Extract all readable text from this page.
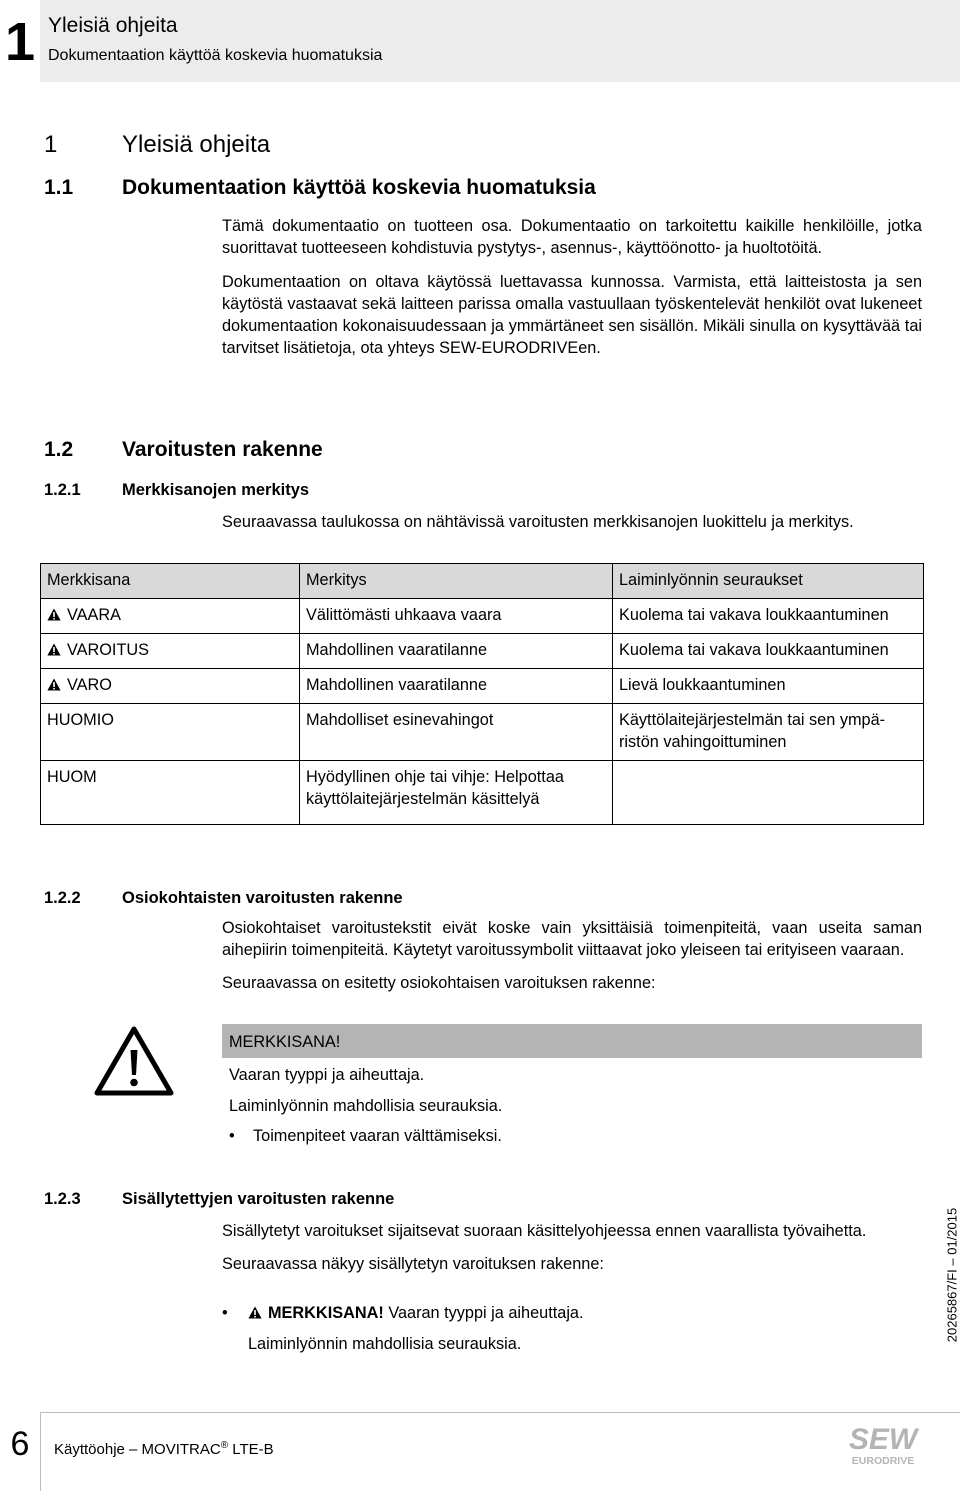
1 Yleisiä ohjeita
Dokumentaation käyttöä koskevia huomatuksia
1	Yleisiä ohjeita
1.1 Dokumentaation käyttöä koskevia huomatuksia

Tämä dokumentaatio on tuotteen osa. Dokumentaatio on tarkoitettu kaikille henkilöille, jotka suorittavat tuotteeseen kohdistuvia pystytys-, asennus-, käyttöönotto- ja huoltotöitä.

Dokumentaation on oltava käytössä luettavassa kunnossa. Varmista, että laitteistosta ja sen käytöstä vastaavat sekä laitteen parissa omalla vastuullaan työskentelevät henkilöt ovat lukeneet dokumentaation kokonaisuudessaan ja ymmärtäneet sen sisällön. Mikäli sinulla on kysyttävää tai tarvitset lisätietoja, ota yhteys SEW-EURODRIVEen.

1.2 Varoitusten rakenne
1.2.1	Merkkisanojen merkitys
Seuraavassa taulukossa on nähtävissä varoitusten merkkisanojen luokittelu ja merkitys.
Merkkisana	Merkitys	Laiminlyönnin seuraukset
VAARA	Välittömästi uhkaava vaara	Kuolema tai vakava loukkaantuminen
VAROITUS	Mahdollinen vaaratilanne	Kuolema tai vakava loukkaantuminen
VARO	Mahdollinen vaaratilanne	Lievä loukkaantuminen
HUOMIO	Mahdolliset esinevahingot	Käyttölaitejärjestelmän tai sen ympäristön vahingoittuminen
HUOM	Hyödyllinen ohje tai vihje: Helpottaa käyttölaitejärjestelmän käsittelyä	
1.2.2	Osiokohtaisten varoitusten rakenne

Osiokohtaiset varoitustekstit eivät koske vain yksittäisiä toimenpiteitä, vaan useita saman aihepiirin toimenpiteitä. Käytetyt varoitussymbolit viittaavat joko yleiseen tai erityiseen vaaraan.

Seuraavassa on esitetty osiokohtaisen varoituksen rakenne:

MERKKISANA!
Vaaran tyyppi ja aiheuttaja.
Laiminlyönnin mahdollisia seurauksia.
• Toimenpiteet vaaran välttämiseksi.
1.2.3	Sisällytettyjen varoitusten rakenne

Sisällytetyt varoitukset sijaitsevat suoraan käsittelyohjeessa ennen vaarallista työvaihetta.

Seuraavassa näkyy sisällytetyn varoituksen rakenne:

• MERKKISANA! Vaaran tyyppi ja aiheuttaja.
Laiminlyönnin mahdollisia seurauksia.
20265867/FI – 01/2015
6	Käyttöohje – MOVITRAC® LTE-B	SEW
EURODRIVE
